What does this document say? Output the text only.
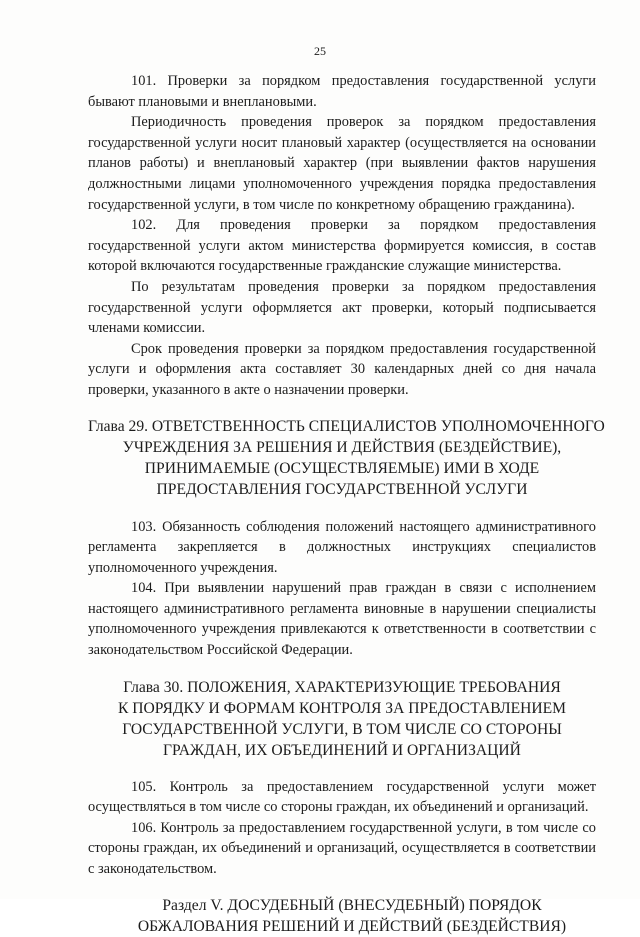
25

101. Проверки за порядком предоставления государственной услуги бывают плановыми и внеплановыми.

Периодичность проведения проверок за порядком предоставления государственной услуги носит плановый характер (осуществляется на основании планов работы) и внеплановый характер (при выявлении фактов нарушения должностными лицами уполномоченного учреждения порядка предоставления государственной услуги, в том числе по конкретному обращению гражданина).

102. Для проведения проверки за порядком предоставления государственной услуги актом министерства формируется комиссия, в состав которой включаются государственные гражданские служащие министерства.

По результатам проведения проверки за порядком предоставления государственной услуги оформляется акт проверки, который подписывается членами комиссии.

Срок проведения проверки за порядком предоставления государственной услуги и оформления акта составляет 30 календарных дней со дня начала проверки, указанного в акте о назначении проверки.

Глава 29. ОТВЕТСТВЕННОСТЬ СПЕЦИАЛИСТОВ УПОЛНОМОЧЕННОГО
УЧРЕЖДЕНИЯ ЗА РЕШЕНИЯ И ДЕЙСТВИЯ (БЕЗДЕЙСТВИЕ),
ПРИНИМАЕМЫЕ (ОСУЩЕСТВЛЯЕМЫЕ) ИМИ В ХОДЕ
ПРЕДОСТАВЛЕНИЯ ГОСУДАРСТВЕННОЙ УСЛУГИ

103. Обязанность соблюдения положений настоящего административного регламента закрепляется в должностных инструкциях специалистов уполномоченного учреждения.

104. При выявлении нарушений прав граждан в связи с исполнением настоящего административного регламента виновные в нарушении специалисты уполномоченного учреждения привлекаются к ответственности в соответствии с законодательством Российской Федерации.

Глава 30. ПОЛОЖЕНИЯ, ХАРАКТЕРИЗУЮЩИЕ ТРЕБОВАНИЯ
К ПОРЯДКУ И ФОРМАМ КОНТРОЛЯ ЗА ПРЕДОСТАВЛЕНИЕМ
ГОСУДАРСТВЕННОЙ УСЛУГИ, В ТОМ ЧИСЛЕ СО СТОРОНЫ
ГРАЖДАН, ИХ ОБЪЕДИНЕНИЙ И ОРГАНИЗАЦИЙ

105. Контроль за предоставлением государственной услуги может осуществляться в том числе со стороны граждан, их объединений и организаций.

106. Контроль за предоставлением государственной услуги, в том числе со стороны граждан, их объединений и организаций, осуществляется в соответствии с законодательством.

Раздел V. ДОСУДЕБНЫЙ (ВНЕСУДЕБНЫЙ) ПОРЯДОК
ОБЖАЛОВАНИЯ РЕШЕНИЙ И ДЕЙСТВИЙ (БЕЗДЕЙСТВИЯ)
